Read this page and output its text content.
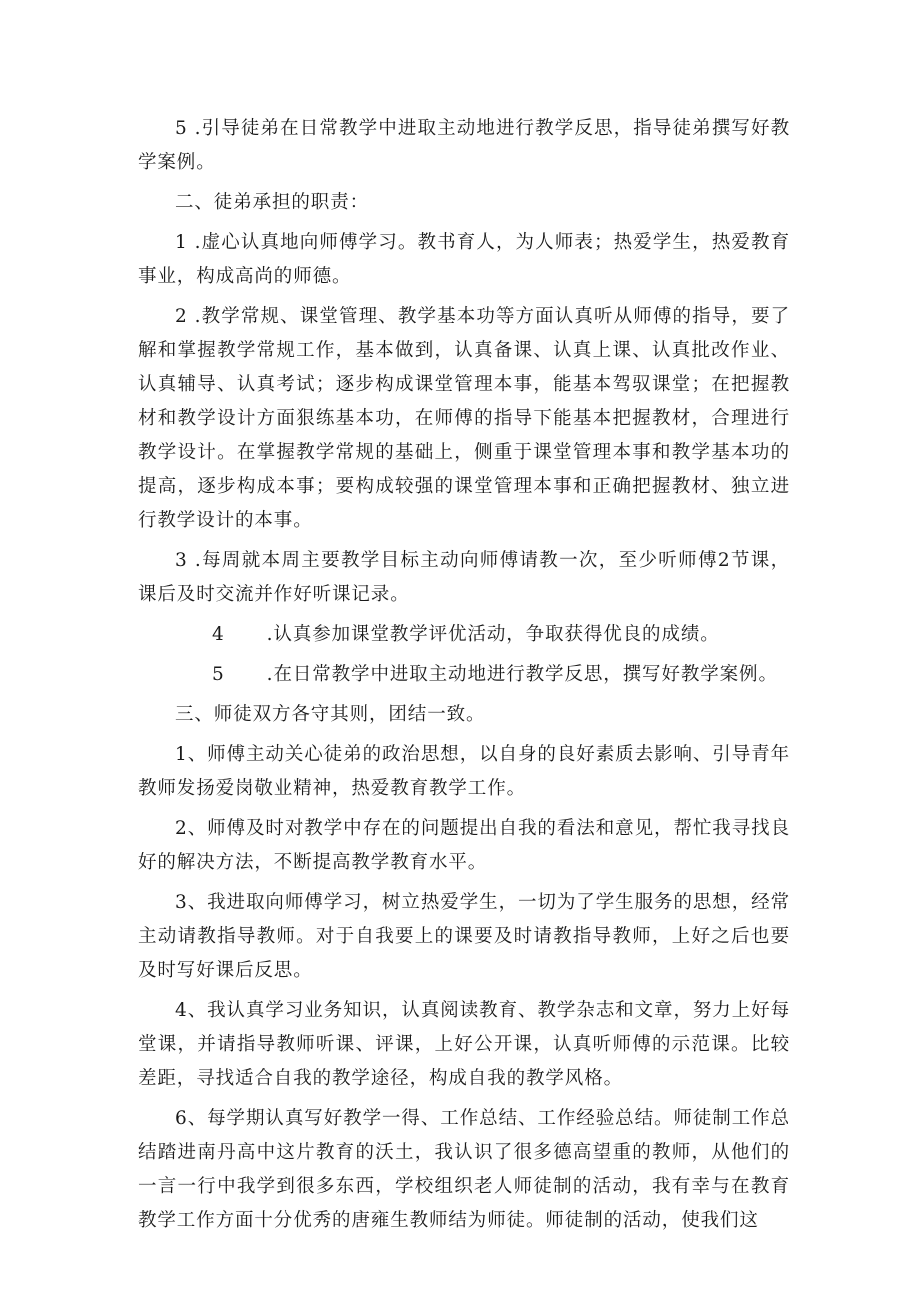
5 .引导徒弟在日常教学中进取主动地进行教学反思，指导徒弟撰写好教学案例。

二、徒弟承担的职责：

1 .虚心认真地向师傅学习。教书育人，为人师表；热爱学生，热爱教育事业，构成高尚的师德。

2 .教学常规、课堂管理、教学基本功等方面认真听从师傅的指导，要了解和掌握教学常规工作，基本做到，认真备课、认真上课、认真批改作业、认真辅导、认真考试；逐步构成课堂管理本事，能基本驾驭课堂；在把握教材和教学设计方面狠练基本功，在师傅的指导下能基本把握教材，合理进行教学设计。在掌握教学常规的基础上，侧重于课堂管理本事和教学基本功的提高，逐步构成本事；要构成较强的课堂管理本事和正确把握教材、独立进行教学设计的本事。

3 .每周就本周主要教学目标主动向师傅请教一次，至少听师傅2节课，课后及时交流并作好听课记录。

4 .认真参加课堂教学评优活动，争取获得优良的成绩。

5 .在日常教学中进取主动地进行教学反思，撰写好教学案例。

三、师徒双方各守其则，团结一致。

1、师傅主动关心徒弟的政治思想，以自身的良好素质去影响、引导青年教师发扬爱岗敬业精神，热爱教育教学工作。

2、师傅及时对教学中存在的问题提出自我的看法和意见，帮忙我寻找良好的解决方法，不断提高教学教育水平。

3、我进取向师傅学习，树立热爱学生，一切为了学生服务的思想，经常主动请教指导教师。对于自我要上的课要及时请教指导教师，上好之后也要及时写好课后反思。

4、我认真学习业务知识，认真阅读教育、教学杂志和文章，努力上好每堂课，并请指导教师听课、评课，上好公开课，认真听师傅的示范课。比较差距，寻找适合自我的教学途径，构成自我的教学风格。

6、每学期认真写好教学一得、工作总结、工作经验总结。师徒制工作总结踏进南丹高中这片教育的沃土，我认识了很多德高望重的教师，从他们的一言一行中我学到很多东西，学校组织老人师徒制的活动，我有幸与在教育教学工作方面十分优秀的唐雍生教师结为师徒。师徒制的活动，使我们这
